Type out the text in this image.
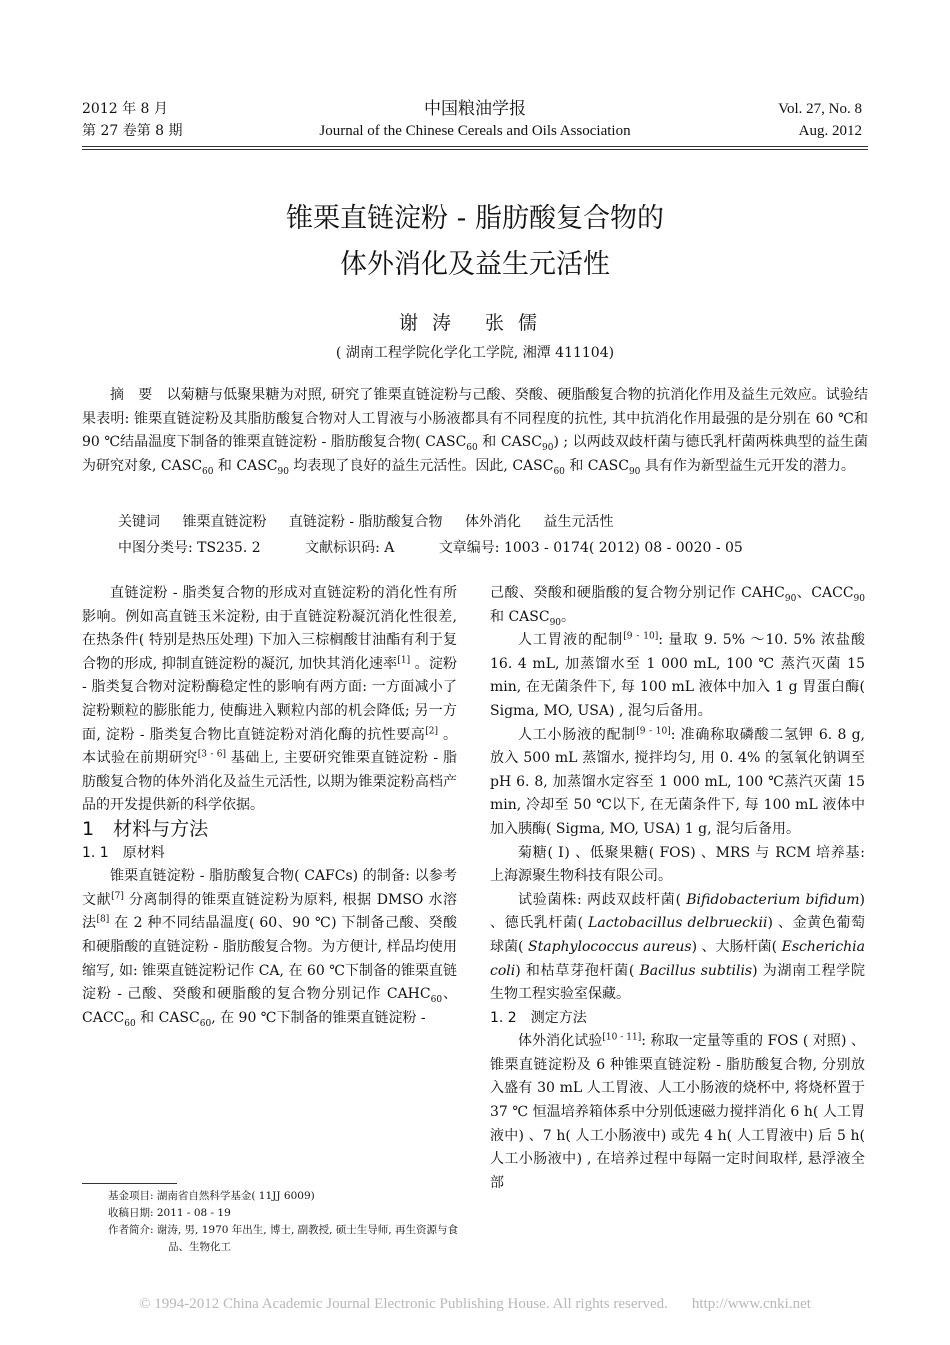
2012 年 8 月
第 27 卷第 8 期
中国粮油学报
Journal of the Chinese Cereals and Oils Association
Vol. 27, No. 8
Aug. 2012
锥栗直链淀粉 - 脂肪酸复合物的
体外消化及益生元活性
谢涛 张儒
( 湖南工程学院化学化工学院, 湘潭 411104)

摘　要　 以菊糖与低聚果糖为对照, 研究了锥栗直链淀粉与己酸、癸酸、硬脂酸复合物的抗消化作用及益生元效应。试验结果表明: 锥栗直链淀粉及其脂肪酸复合物对人工胃液与小肠液都具有不同程度的抗性, 其中抗消化作用最强的是分别在 60 ℃和 90 ℃结晶温度下制备的锥栗直链淀粉 - 脂肪酸复合物( $CASC_{60}$ 和 $CASC_{90}$) ; 以两歧双歧杆菌与德氏乳杆菌两株典型的益生菌为研究对象, $CASC_{60}$ 和 $CASC_{90}$ 均表现了良好的益生元活性。因此, $CASC_{60}$ 和 $CASC_{90}$ 具有作为新型益生元开发的潜力。

关键词 锥栗直链淀粉 直链淀粉 - 脂肪酸复合物 体外消化 益生元活性
中图分类号: TS235. 2	文献标识码: A	文章编号: 1003 - 0174( 2012) 08 - 0020 - 05

直链淀粉 - 脂类复合物的形成对直链淀粉的消化性有所影响。例如高直链玉米淀粉, 由于直链淀粉凝沉消化性很差, 在热条件( 特别是热压处理) 下加入三棕榈酸甘油酯有利于复合物的形成, 抑制直链淀粉的凝沉, 加快其消化速率[1] 。淀粉 - 脂类复合物对淀粉酶稳定性的影响有两方面: 一方面减小了淀粉颗粒的膨胀能力, 使酶进入颗粒内部的机会降低; 另一方面, 淀粉 - 脂类复合物比直链淀粉对消化酶的抗性要高[2] 。本试验在前期研究[3 - 6] 基础上, 主要研究锥栗直链淀粉 - 脂肪酸复合物的体外消化及益生元活性, 以期为锥栗淀粉高档产品的开发提供新的科学依据。

1　材料与方法

1. 1　原材料

锥栗直链淀粉 - 脂肪酸复合物( CAFCs) 的制备: 以参考文献[7] 分离制得的锥栗直链淀粉为原料, 根据 DMSO 水溶法[8] 在 2 种不同结晶温度( 60、90 ℃) 下制备己酸、癸酸和硬脂酸的直链淀粉 - 脂肪酸复合物。为方便计, 样品均使用缩写, 如: 锥栗直链淀粉记作 CA, 在 60 ℃下制备的锥栗直链淀粉 - 己酸、癸酸和硬脂酸的复合物分别记作 $CAHC_{60}$、$CACC_{60}$ 和 $CASC_{60}$, 在 90 ℃下制备的锥栗直链淀粉 -

己酸、癸酸和硬脂酸的复合物分别记作 $CAHC_{90}$、$CACC_{90}$ 和 $CASC_{90}$。

人工胃液的配制[9 - 10]: 量取 9. 5% ～10. 5% 浓盐酸 16. 4 mL, 加蒸馏水至 1 000 mL, 100 ℃ 蒸汽灭菌 15 min, 在无菌条件下, 每 100 mL 液体中加入 1 g 胃蛋白酶( Sigma, MO, USA) , 混匀后备用。

人工小肠液的配制[9 - 10]: 准确称取磷酸二氢钾 6. 8 g, 放入 500 mL 蒸馏水, 搅拌均匀, 用 0. 4% 的氢氧化钠调至 pH 6. 8, 加蒸馏水定容至 1 000 mL, 100 ℃蒸汽灭菌 15 min, 冷却至 50 ℃以下, 在无菌条件下, 每 100 mL 液体中加入胰酶( Sigma, MO, USA) 1 g, 混匀后备用。

菊糖( Ⅰ) 、低聚果糖( FOS) 、MRS 与 RCM 培养基: 上海源聚生物科技有限公司。

试验菌株: 两歧双歧杆菌( Bifidobacterium bifidum) 、德氏乳杆菌( Lactobacillus delbrueckii) 、金黄色葡萄球菌( Staphylococcus aureus) 、大肠杆菌( Escherichia coli) 和枯草芽孢杆菌( Bacillus subtilis) 为湖南工程学院生物工程实验室保藏。

1. 2　测定方法

体外消化试验[10 - 11]: 称取一定量等重的 FOS ( 对照) 、锥栗直链淀粉及 6 种锥栗直链淀粉 - 脂肪酸复合物, 分别放入盛有 30 mL 人工胃液、人工小肠液的烧杯中, 将烧杯置于 37 ℃ 恒温培养箱体系中分别低速磁力搅拌消化 6 h( 人工胃液中) 、7 h( 人工小肠液中) 或先 4 h( 人工胃液中) 后 5 h( 人工小肠液中) , 在培养过程中每隔一定时间取样, 悬浮液全部

基金项目: 湖南省自然科学基金( 11JJ 6009)
收稿日期: 2011 - 08 - 19
作者简介: 谢涛, 男, 1970 年出生, 博士, 副教授, 硕士生导师, 再生资源与食品、生物化工
© 1994-2012 China Academic Journal Electronic Publishing House. All rights reserved. http://www.cnki.net
